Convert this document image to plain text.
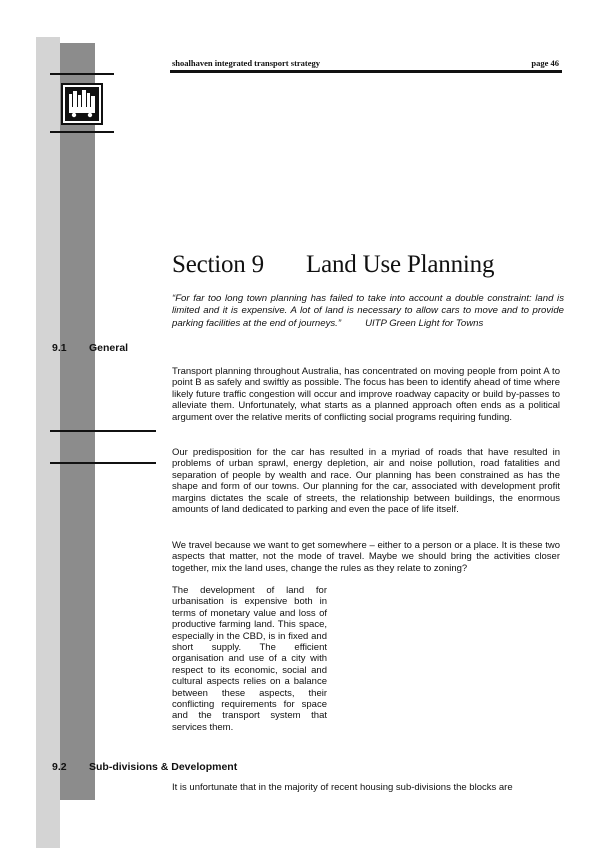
shoalhaven integrated transport strategy	page 46
Section 9 Land Use Planning
“For far too long town planning has failed to take into account a double constraint: land is limited and it is expensive. A lot of land is necessary to allow cars to move and to provide parking facilities at the end of journeys.”	UITP Green Light for Towns
9.1 General

Transport planning throughout Australia, has concentrated on moving people from point A to point B as safely and swiftly as possible. The focus has been to identify ahead of time where likely future traffic congestion will occur and improve roadway capacity or build by-passes to alleviate them. Unfortunately, what starts as a planned approach often ends as a political argument over the relative merits of conflicting social programs requiring funding.

Our predisposition for the car has resulted in a myriad of roads that have resulted in problems of urban sprawl, energy depletion, air and noise pollution, road fatalities and separation of people by wealth and race. Our planning has been constrained as has the shape and form of our towns. Our planning for the car, associated with development profit margins dictates the scale of streets, the relationship between buildings, the enormous amounts of land dedicated to parking and even the pace of life itself.

We travel because we want to get somewhere – either to a person or a place. It is these two aspects that matter, not the mode of travel. Maybe we should bring the activities closer together, mix the land uses, change the rules as they relate to zoning?

The development of land for urbanisation is expensive both in terms of monetary value and loss of productive farming land. This space, especially in the CBD, is in fixed and short supply. The efficient organisation and use of a city with respect to its economic, social and cultural aspects relies on a balance between these aspects, their conflicting requirements for space and the transport system that services them.

9.2 Sub-divisions & Development

It is unfortunate that in the majority of recent housing sub-divisions the blocks are
